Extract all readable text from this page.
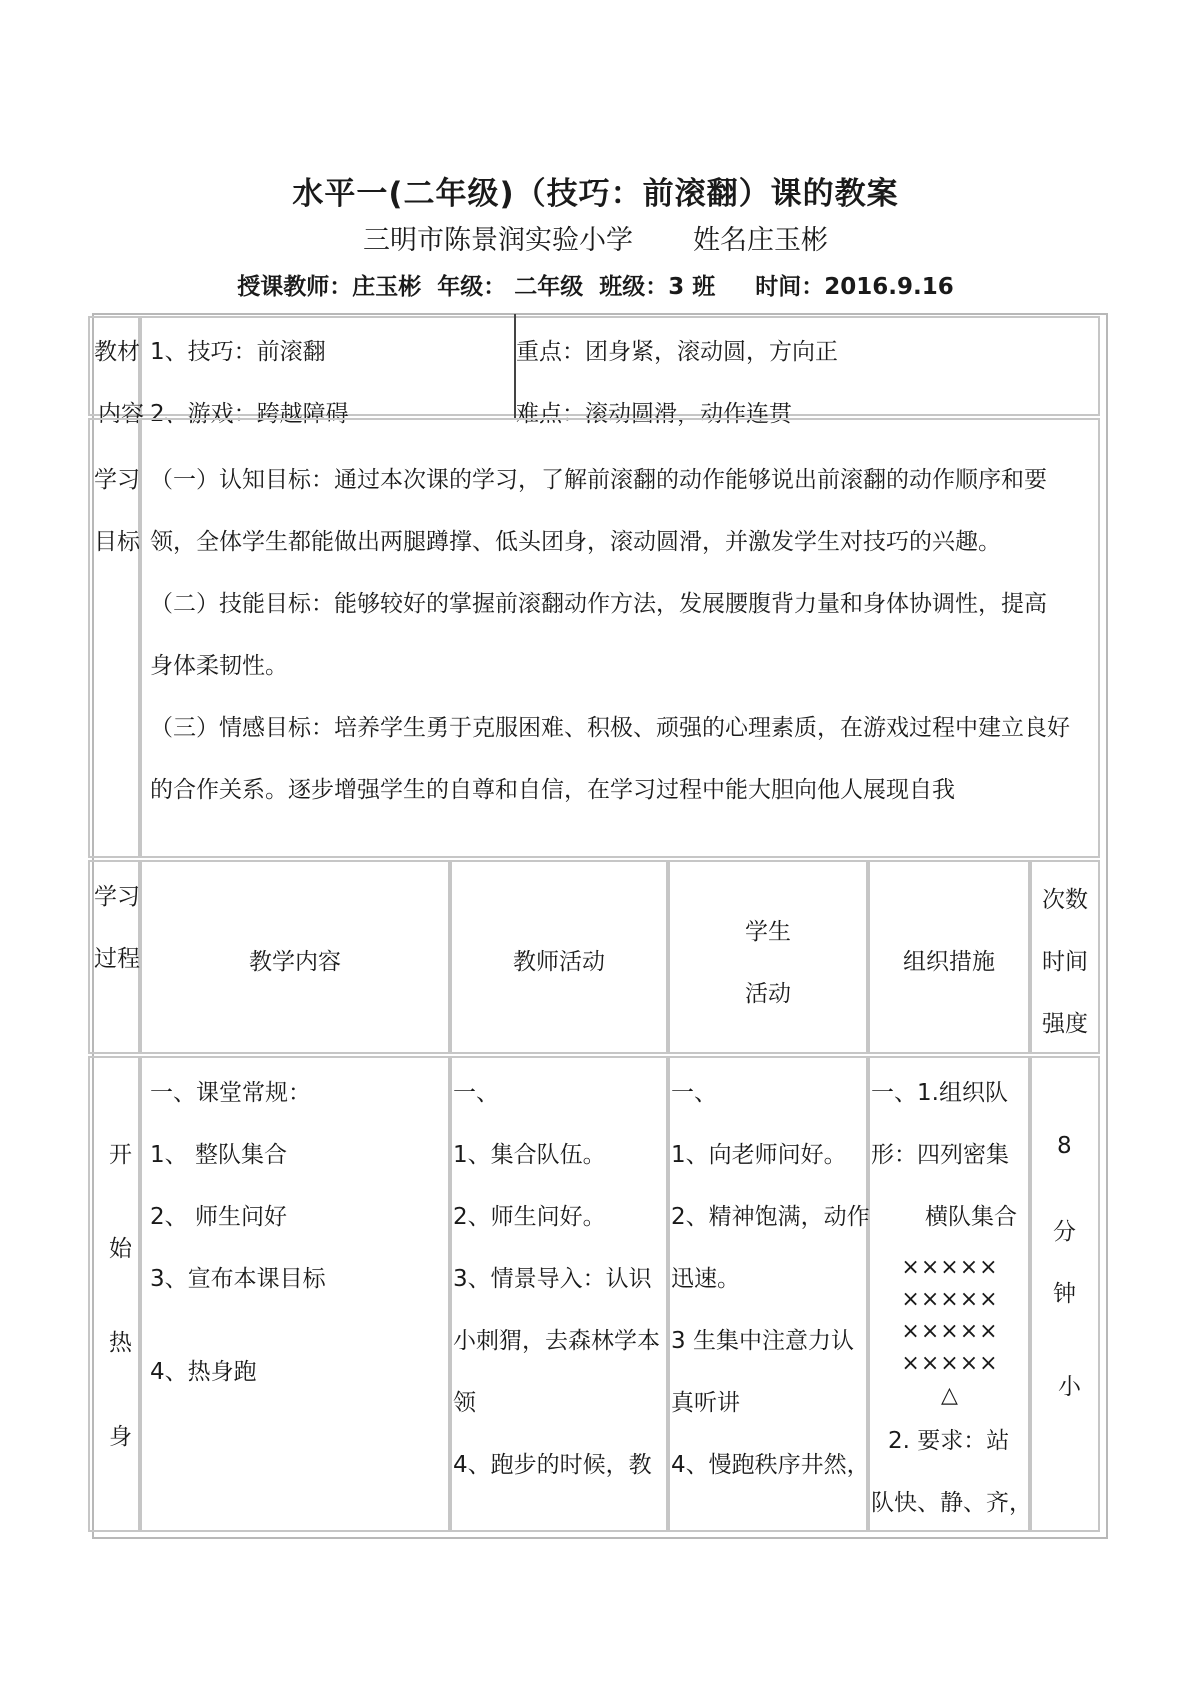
水平一(二年级)（技巧：前滚翻）课的教案
三明市陈景润实验小学 姓名庄玉彬
授课教师：庄玉彬  年级： 二年级  班级：3 班     时间：2016.9.16
教材
内容
1、技巧：前滚翻
2、游戏：跨越障碍
重点：团身紧，滚动圆，方向正
难点：滚动圆滑，动作连贯
学习
目标
（一）认知目标：通过本次课的学习，了解前滚翻的动作能够说出前滚翻的动作顺序和要
领，全体学生都能做出两腿蹲撑、低头团身，滚动圆滑，并激发学生对技巧的兴趣。
（二）技能目标：能够较好的掌握前滚翻动作方法，发展腰腹背力量和身体协调性，提高
身体柔韧性。
（三）情感目标：培养学生勇于克服困难、积极、顽强的心理素质，在游戏过程中建立良好
的合作关系。逐步增强学生的自尊和自信，在学习过程中能大胆向他人展现自我
学习
过程	教学内容	教师活动
学生
活动
组织措施
次数
时间
强度
开
始
热
身
一、课堂常规：
1、 整队集合
2、 师生问好
3、宣布本课目标
4、热身跑
一、
1、集合队伍。
2、师生问好。
3、情景导入：认识
小刺猬，去森林学本
领
4、跑步的时候，教
一、
1、向老师问好。
2、精神饱满，动作
迅速。
3 生集中注意力认
真听讲
4、慢跑秩序井然，
一、1.组织队
形：四列密集
横队集合
×××××
×××××
×××××
×××××
△
2. 要求：站
队快、静、齐，
8
分
钟
小
